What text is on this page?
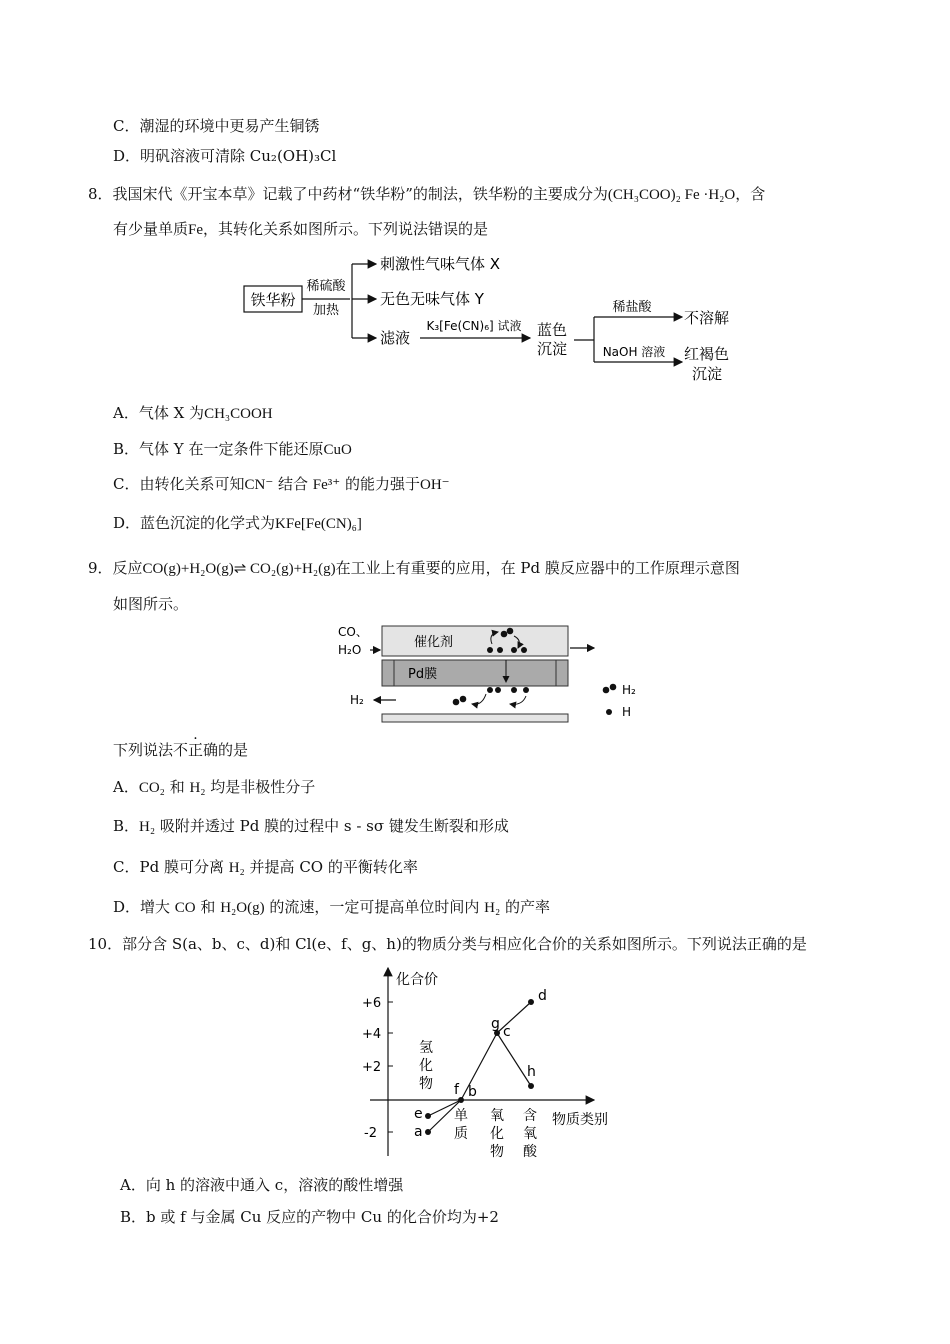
C．潮湿的环境中更易产生铜锈
D．明矾溶液可清除 Cu₂(OH)₃Cl
8．我国宋代《开宝本草》记载了中药材“铁华粉”的制法，铁华粉的主要成分为(CH₃COO)₂ Fe ·H₂O，含
有少量单质Fe，其转化关系如图所示。下列说法错误的是
铁华粉
稀硫酸
加热
刺激性气味气体 X
无色无味气体 Y
滤液
K₃[Fe(CN)₆] 试液 蓝色
沉淀
稀盐酸
NaOH 溶液
不溶解
红褐色
沉淀
A．气体 X 为CH₃COOH
B．气体 Y 在一定条件下能还原CuO
C．由转化关系可知CN⁻ 结合 Fe³⁺ 的能力强于OH⁻
D．蓝色沉淀的化学式为KFe[Fe(CN)₆]
9．反应CO(g)+H₂O(g)⇌ CO₂(g)+H₂(g)在工业上有重要的应用，在 Pd 膜反应器中的工作原理示意图
如图所示。
CO、
H₂O	催化剂
Pd膜
H₂
H₂
H
下列说法不正确的是
A．CO₂ 和 H₂ 均是非极性分子
B．H₂ 吸附并透过 Pd 膜的过程中 s - sσ 键发生断裂和形成
C．Pd 膜可分离 H₂ 并提高 CO 的平衡转化率
D．增大 CO 和 H₂O(g) 的流速，一定可提高单位时间内 H₂ 的产率
10．部分含 S(a、b、c、d)和 Cl(e、f、g、h)的物质分类与相应化合价的关系如图所示。下列说法正确的是
化合价
物质类别
+6
+4
+2
-2
氢
化
物
单
质
氧
化
物
含
氧
酸
a
e
f b
g c
d
h
A．向 h 的溶液中通入 c，溶液的酸性增强
B．b 或 f 与金属 Cu 反应的产物中 Cu 的化合价均为+2
